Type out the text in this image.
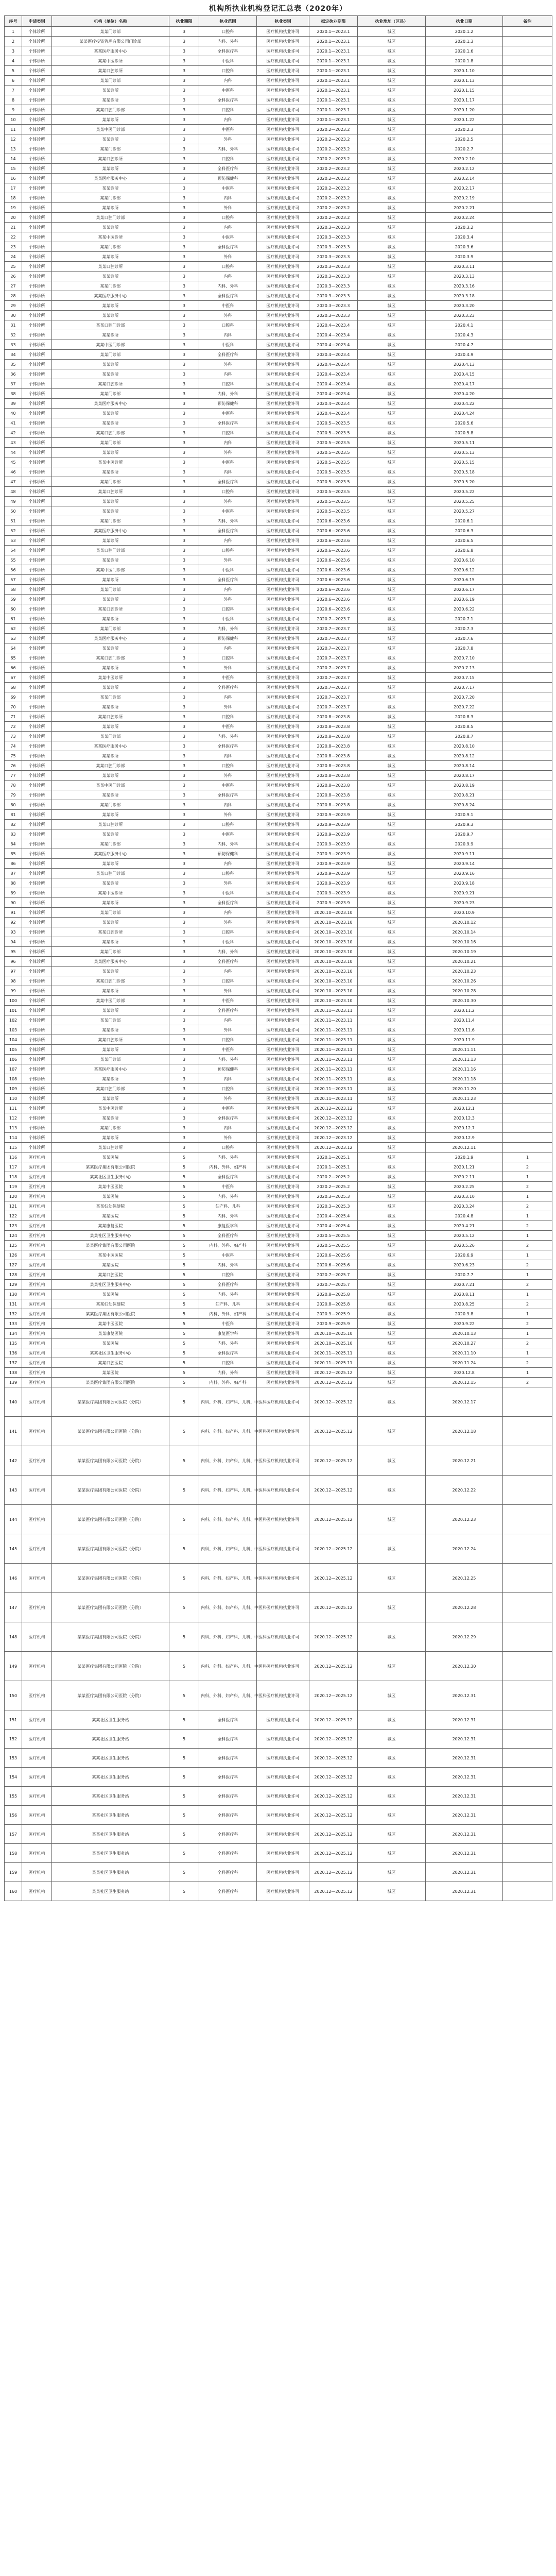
机构所执业机构登记汇总表（2020年）
序号	申请类别	机构（单位）名称	执业期限	执业范围	执业类别	拟定执业期限	执业地址（区县）	执业日期	备注
1	个体诊所	某某门诊部	3	口腔科	医疗机构执业许可	2020.1—2023.1	城区	2020.1.2	
2	个体诊所	某某医疗投资管理有限公司门诊部	3	内科、外科	医疗机构执业许可	2020.1—2023.1	城区	2020.1.3	
3	个体诊所	某某医疗服务中心	3	全科医疗科	医疗机构执业许可	2020.1—2023.1	城区	2020.1.6	
4	个体诊所	某某中医诊所	3	中医科	医疗机构执业许可	2020.1—2023.1	城区	2020.1.8	
5	个体诊所	某某口腔诊所	3	口腔科	医疗机构执业许可	2020.1—2023.1	城区	2020.1.10	
6	个体诊所	某某门诊部	3	内科	医疗机构执业许可	2020.1—2023.1	城区	2020.1.13	
7	个体诊所	某某诊所	3	中医科	医疗机构执业许可	2020.1—2023.1	城区	2020.1.15	
8	个体诊所	某某诊所	3	全科医疗科	医疗机构执业许可	2020.1—2023.1	城区	2020.1.17	
9	个体诊所	某某口腔门诊部	3	口腔科	医疗机构执业许可	2020.1—2023.1	城区	2020.1.20	
10	个体诊所	某某诊所	3	内科	医疗机构执业许可	2020.1—2023.1	城区	2020.1.22	
11	个体诊所	某某中医门诊部	3	中医科	医疗机构执业许可	2020.2—2023.2	城区	2020.2.3	
12	个体诊所	某某诊所	3	外科	医疗机构执业许可	2020.2—2023.2	城区	2020.2.5	
13	个体诊所	某某门诊部	3	内科、外科	医疗机构执业许可	2020.2—2023.2	城区	2020.2.7	
14	个体诊所	某某口腔诊所	3	口腔科	医疗机构执业许可	2020.2—2023.2	城区	2020.2.10	
15	个体诊所	某某诊所	3	全科医疗科	医疗机构执业许可	2020.2—2023.2	城区	2020.2.12	
16	个体诊所	某某医疗服务中心	3	预防保健科	医疗机构执业许可	2020.2—2023.2	城区	2020.2.14	
17	个体诊所	某某诊所	3	中医科	医疗机构执业许可	2020.2—2023.2	城区	2020.2.17	
18	个体诊所	某某门诊部	3	内科	医疗机构执业许可	2020.2—2023.2	城区	2020.2.19	
19	个体诊所	某某诊所	3	外科	医疗机构执业许可	2020.2—2023.2	城区	2020.2.21	
20	个体诊所	某某口腔门诊部	3	口腔科	医疗机构执业许可	2020.2—2023.2	城区	2020.2.24	
21	个体诊所	某某诊所	3	内科	医疗机构执业许可	2020.3—2023.3	城区	2020.3.2	
22	个体诊所	某某中医诊所	3	中医科	医疗机构执业许可	2020.3—2023.3	城区	2020.3.4	
23	个体诊所	某某门诊部	3	全科医疗科	医疗机构执业许可	2020.3—2023.3	城区	2020.3.6	
24	个体诊所	某某诊所	3	外科	医疗机构执业许可	2020.3—2023.3	城区	2020.3.9	
25	个体诊所	某某口腔诊所	3	口腔科	医疗机构执业许可	2020.3—2023.3	城区	2020.3.11	
26	个体诊所	某某诊所	3	内科	医疗机构执业许可	2020.3—2023.3	城区	2020.3.13	
27	个体诊所	某某门诊部	3	内科、外科	医疗机构执业许可	2020.3—2023.3	城区	2020.3.16	
28	个体诊所	某某医疗服务中心	3	全科医疗科	医疗机构执业许可	2020.3—2023.3	城区	2020.3.18	
29	个体诊所	某某诊所	3	中医科	医疗机构执业许可	2020.3—2023.3	城区	2020.3.20	
30	个体诊所	某某诊所	3	外科	医疗机构执业许可	2020.3—2023.3	城区	2020.3.23	
31	个体诊所	某某口腔门诊部	3	口腔科	医疗机构执业许可	2020.4—2023.4	城区	2020.4.1	
32	个体诊所	某某诊所	3	内科	医疗机构执业许可	2020.4—2023.4	城区	2020.4.3	
33	个体诊所	某某中医门诊部	3	中医科	医疗机构执业许可	2020.4—2023.4	城区	2020.4.7	
34	个体诊所	某某门诊部	3	全科医疗科	医疗机构执业许可	2020.4—2023.4	城区	2020.4.9	
35	个体诊所	某某诊所	3	外科	医疗机构执业许可	2020.4—2023.4	城区	2020.4.13	
36	个体诊所	某某诊所	3	内科	医疗机构执业许可	2020.4—2023.4	城区	2020.4.15	
37	个体诊所	某某口腔诊所	3	口腔科	医疗机构执业许可	2020.4—2023.4	城区	2020.4.17	
38	个体诊所	某某门诊部	3	内科、外科	医疗机构执业许可	2020.4—2023.4	城区	2020.4.20	
39	个体诊所	某某医疗服务中心	3	预防保健科	医疗机构执业许可	2020.4—2023.4	城区	2020.4.22	
40	个体诊所	某某诊所	3	中医科	医疗机构执业许可	2020.4—2023.4	城区	2020.4.24	
41	个体诊所	某某诊所	3	全科医疗科	医疗机构执业许可	2020.5—2023.5	城区	2020.5.6	
42	个体诊所	某某口腔门诊部	3	口腔科	医疗机构执业许可	2020.5—2023.5	城区	2020.5.8	
43	个体诊所	某某门诊部	3	内科	医疗机构执业许可	2020.5—2023.5	城区	2020.5.11	
44	个体诊所	某某诊所	3	外科	医疗机构执业许可	2020.5—2023.5	城区	2020.5.13	
45	个体诊所	某某中医诊所	3	中医科	医疗机构执业许可	2020.5—2023.5	城区	2020.5.15	
46	个体诊所	某某诊所	3	内科	医疗机构执业许可	2020.5—2023.5	城区	2020.5.18	
47	个体诊所	某某门诊部	3	全科医疗科	医疗机构执业许可	2020.5—2023.5	城区	2020.5.20	
48	个体诊所	某某口腔诊所	3	口腔科	医疗机构执业许可	2020.5—2023.5	城区	2020.5.22	
49	个体诊所	某某诊所	3	外科	医疗机构执业许可	2020.5—2023.5	城区	2020.5.25	
50	个体诊所	某某诊所	3	中医科	医疗机构执业许可	2020.5—2023.5	城区	2020.5.27	
51	个体诊所	某某门诊部	3	内科、外科	医疗机构执业许可	2020.6—2023.6	城区	2020.6.1	
52	个体诊所	某某医疗服务中心	3	全科医疗科	医疗机构执业许可	2020.6—2023.6	城区	2020.6.3	
53	个体诊所	某某诊所	3	内科	医疗机构执业许可	2020.6—2023.6	城区	2020.6.5	
54	个体诊所	某某口腔门诊部	3	口腔科	医疗机构执业许可	2020.6—2023.6	城区	2020.6.8	
55	个体诊所	某某诊所	3	外科	医疗机构执业许可	2020.6—2023.6	城区	2020.6.10	
56	个体诊所	某某中医门诊部	3	中医科	医疗机构执业许可	2020.6—2023.6	城区	2020.6.12	
57	个体诊所	某某诊所	3	全科医疗科	医疗机构执业许可	2020.6—2023.6	城区	2020.6.15	
58	个体诊所	某某门诊部	3	内科	医疗机构执业许可	2020.6—2023.6	城区	2020.6.17	
59	个体诊所	某某诊所	3	外科	医疗机构执业许可	2020.6—2023.6	城区	2020.6.19	
60	个体诊所	某某口腔诊所	3	口腔科	医疗机构执业许可	2020.6—2023.6	城区	2020.6.22	
61	个体诊所	某某诊所	3	中医科	医疗机构执业许可	2020.7—2023.7	城区	2020.7.1	
62	个体诊所	某某门诊部	3	内科、外科	医疗机构执业许可	2020.7—2023.7	城区	2020.7.3	
63	个体诊所	某某医疗服务中心	3	预防保健科	医疗机构执业许可	2020.7—2023.7	城区	2020.7.6	
64	个体诊所	某某诊所	3	内科	医疗机构执业许可	2020.7—2023.7	城区	2020.7.8	
65	个体诊所	某某口腔门诊部	3	口腔科	医疗机构执业许可	2020.7—2023.7	城区	2020.7.10	
66	个体诊所	某某诊所	3	外科	医疗机构执业许可	2020.7—2023.7	城区	2020.7.13	
67	个体诊所	某某中医诊所	3	中医科	医疗机构执业许可	2020.7—2023.7	城区	2020.7.15	
68	个体诊所	某某诊所	3	全科医疗科	医疗机构执业许可	2020.7—2023.7	城区	2020.7.17	
69	个体诊所	某某门诊部	3	内科	医疗机构执业许可	2020.7—2023.7	城区	2020.7.20	
70	个体诊所	某某诊所	3	外科	医疗机构执业许可	2020.7—2023.7	城区	2020.7.22	
71	个体诊所	某某口腔诊所	3	口腔科	医疗机构执业许可	2020.8—2023.8	城区	2020.8.3	
72	个体诊所	某某诊所	3	中医科	医疗机构执业许可	2020.8—2023.8	城区	2020.8.5	
73	个体诊所	某某门诊部	3	内科、外科	医疗机构执业许可	2020.8—2023.8	城区	2020.8.7	
74	个体诊所	某某医疗服务中心	3	全科医疗科	医疗机构执业许可	2020.8—2023.8	城区	2020.8.10	
75	个体诊所	某某诊所	3	内科	医疗机构执业许可	2020.8—2023.8	城区	2020.8.12	
76	个体诊所	某某口腔门诊部	3	口腔科	医疗机构执业许可	2020.8—2023.8	城区	2020.8.14	
77	个体诊所	某某诊所	3	外科	医疗机构执业许可	2020.8—2023.8	城区	2020.8.17	
78	个体诊所	某某中医门诊部	3	中医科	医疗机构执业许可	2020.8—2023.8	城区	2020.8.19	
79	个体诊所	某某诊所	3	全科医疗科	医疗机构执业许可	2020.8—2023.8	城区	2020.8.21	
80	个体诊所	某某门诊部	3	内科	医疗机构执业许可	2020.8—2023.8	城区	2020.8.24	
81	个体诊所	某某诊所	3	外科	医疗机构执业许可	2020.9—2023.9	城区	2020.9.1	
82	个体诊所	某某口腔诊所	3	口腔科	医疗机构执业许可	2020.9—2023.9	城区	2020.9.3	
83	个体诊所	某某诊所	3	中医科	医疗机构执业许可	2020.9—2023.9	城区	2020.9.7	
84	个体诊所	某某门诊部	3	内科、外科	医疗机构执业许可	2020.9—2023.9	城区	2020.9.9	
85	个体诊所	某某医疗服务中心	3	预防保健科	医疗机构执业许可	2020.9—2023.9	城区	2020.9.11	
86	个体诊所	某某诊所	3	内科	医疗机构执业许可	2020.9—2023.9	城区	2020.9.14	
87	个体诊所	某某口腔门诊部	3	口腔科	医疗机构执业许可	2020.9—2023.9	城区	2020.9.16	
88	个体诊所	某某诊所	3	外科	医疗机构执业许可	2020.9—2023.9	城区	2020.9.18	
89	个体诊所	某某中医诊所	3	中医科	医疗机构执业许可	2020.9—2023.9	城区	2020.9.21	
90	个体诊所	某某诊所	3	全科医疗科	医疗机构执业许可	2020.9—2023.9	城区	2020.9.23	
91	个体诊所	某某门诊部	3	内科	医疗机构执业许可	2020.10—2023.10	城区	2020.10.9	
92	个体诊所	某某诊所	3	外科	医疗机构执业许可	2020.10—2023.10	城区	2020.10.12	
93	个体诊所	某某口腔诊所	3	口腔科	医疗机构执业许可	2020.10—2023.10	城区	2020.10.14	
94	个体诊所	某某诊所	3	中医科	医疗机构执业许可	2020.10—2023.10	城区	2020.10.16	
95	个体诊所	某某门诊部	3	内科、外科	医疗机构执业许可	2020.10—2023.10	城区	2020.10.19	
96	个体诊所	某某医疗服务中心	3	全科医疗科	医疗机构执业许可	2020.10—2023.10	城区	2020.10.21	
97	个体诊所	某某诊所	3	内科	医疗机构执业许可	2020.10—2023.10	城区	2020.10.23	
98	个体诊所	某某口腔门诊部	3	口腔科	医疗机构执业许可	2020.10—2023.10	城区	2020.10.26	
99	个体诊所	某某诊所	3	外科	医疗机构执业许可	2020.10—2023.10	城区	2020.10.28	
100	个体诊所	某某中医门诊部	3	中医科	医疗机构执业许可	2020.10—2023.10	城区	2020.10.30	
101	个体诊所	某某诊所	3	全科医疗科	医疗机构执业许可	2020.11—2023.11	城区	2020.11.2	
102	个体诊所	某某门诊部	3	内科	医疗机构执业许可	2020.11—2023.11	城区	2020.11.4	
103	个体诊所	某某诊所	3	外科	医疗机构执业许可	2020.11—2023.11	城区	2020.11.6	
104	个体诊所	某某口腔诊所	3	口腔科	医疗机构执业许可	2020.11—2023.11	城区	2020.11.9	
105	个体诊所	某某诊所	3	中医科	医疗机构执业许可	2020.11—2023.11	城区	2020.11.11	
106	个体诊所	某某门诊部	3	内科、外科	医疗机构执业许可	2020.11—2023.11	城区	2020.11.13	
107	个体诊所	某某医疗服务中心	3	预防保健科	医疗机构执业许可	2020.11—2023.11	城区	2020.11.16	
108	个体诊所	某某诊所	3	内科	医疗机构执业许可	2020.11—2023.11	城区	2020.11.18	
109	个体诊所	某某口腔门诊部	3	口腔科	医疗机构执业许可	2020.11—2023.11	城区	2020.11.20	
110	个体诊所	某某诊所	3	外科	医疗机构执业许可	2020.11—2023.11	城区	2020.11.23	
111	个体诊所	某某中医诊所	3	中医科	医疗机构执业许可	2020.12—2023.12	城区	2020.12.1	
112	个体诊所	某某诊所	3	全科医疗科	医疗机构执业许可	2020.12—2023.12	城区	2020.12.3	
113	个体诊所	某某门诊部	3	内科	医疗机构执业许可	2020.12—2023.12	城区	2020.12.7	
114	个体诊所	某某诊所	3	外科	医疗机构执业许可	2020.12—2023.12	城区	2020.12.9	
115	个体诊所	某某口腔诊所	3	口腔科	医疗机构执业许可	2020.12—2023.12	城区	2020.12.11	
116	医疗机构	某某医院	5	内科、外科	医疗机构执业许可	2020.1—2025.1	城区	2020.1.9	1
117	医疗机构	某某医疗集团有限公司医院	5	内科、外科、妇产科	医疗机构执业许可	2020.1—2025.1	城区	2020.1.21	2
118	医疗机构	某某社区卫生服务中心	5	全科医疗科	医疗机构执业许可	2020.2—2025.2	城区	2020.2.11	1
119	医疗机构	某某中医医院	5	中医科	医疗机构执业许可	2020.2—2025.2	城区	2020.2.25	2
120	医疗机构	某某医院	5	内科、外科	医疗机构执业许可	2020.3—2025.3	城区	2020.3.10	1
121	医疗机构	某某妇幼保健院	5	妇产科、儿科	医疗机构执业许可	2020.3—2025.3	城区	2020.3.24	2
122	医疗机构	某某医院	5	内科、外科	医疗机构执业许可	2020.4—2025.4	城区	2020.4.8	1
123	医疗机构	某某康复医院	5	康复医学科	医疗机构执业许可	2020.4—2025.4	城区	2020.4.21	2
124	医疗机构	某某社区卫生服务中心	5	全科医疗科	医疗机构执业许可	2020.5—2025.5	城区	2020.5.12	1
125	医疗机构	某某医疗集团有限公司医院	5	内科、外科、妇产科	医疗机构执业许可	2020.5—2025.5	城区	2020.5.26	2
126	医疗机构	某某中医医院	5	中医科	医疗机构执业许可	2020.6—2025.6	城区	2020.6.9	1
127	医疗机构	某某医院	5	内科、外科	医疗机构执业许可	2020.6—2025.6	城区	2020.6.23	2
128	医疗机构	某某口腔医院	5	口腔科	医疗机构执业许可	2020.7—2025.7	城区	2020.7.7	1
129	医疗机构	某某社区卫生服务中心	5	全科医疗科	医疗机构执业许可	2020.7—2025.7	城区	2020.7.21	2
130	医疗机构	某某医院	5	内科、外科	医疗机构执业许可	2020.8—2025.8	城区	2020.8.11	1
131	医疗机构	某某妇幼保健院	5	妇产科、儿科	医疗机构执业许可	2020.8—2025.8	城区	2020.8.25	2
132	医疗机构	某某医疗集团有限公司医院	5	内科、外科、妇产科	医疗机构执业许可	2020.9—2025.9	城区	2020.9.8	1
133	医疗机构	某某中医医院	5	中医科	医疗机构执业许可	2020.9—2025.9	城区	2020.9.22	2
134	医疗机构	某某康复医院	5	康复医学科	医疗机构执业许可	2020.10—2025.10	城区	2020.10.13	1
135	医疗机构	某某医院	5	内科、外科	医疗机构执业许可	2020.10—2025.10	城区	2020.10.27	2
136	医疗机构	某某社区卫生服务中心	5	全科医疗科	医疗机构执业许可	2020.11—2025.11	城区	2020.11.10	1
137	医疗机构	某某口腔医院	5	口腔科	医疗机构执业许可	2020.11—2025.11	城区	2020.11.24	2
138	医疗机构	某某医院	5	内科、外科	医疗机构执业许可	2020.12—2025.12	城区	2020.12.8	1
139	医疗机构	某某医疗集团有限公司医院	5	内科、外科、妇产科	医疗机构执业许可	2020.12—2025.12	城区	2020.12.15	2
140	医疗机构	某某医疗集团有限公司医院（分院）	5	内科、外科、妇产科、儿科、中医科	医疗机构执业许可	2020.12—2025.12	城区	2020.12.17	
141	医疗机构	某某医疗集团有限公司医院（分院）	5	内科、外科、妇产科、儿科、中医科	医疗机构执业许可	2020.12—2025.12	城区	2020.12.18	
142	医疗机构	某某医疗集团有限公司医院（分院）	5	内科、外科、妇产科、儿科、中医科	医疗机构执业许可	2020.12—2025.12	城区	2020.12.21	
143	医疗机构	某某医疗集团有限公司医院（分院）	5	内科、外科、妇产科、儿科、中医科	医疗机构执业许可	2020.12—2025.12	城区	2020.12.22	
144	医疗机构	某某医疗集团有限公司医院（分院）	5	内科、外科、妇产科、儿科、中医科	医疗机构执业许可	2020.12—2025.12	城区	2020.12.23	
145	医疗机构	某某医疗集团有限公司医院（分院）	5	内科、外科、妇产科、儿科、中医科	医疗机构执业许可	2020.12—2025.12	城区	2020.12.24	
146	医疗机构	某某医疗集团有限公司医院（分院）	5	内科、外科、妇产科、儿科、中医科	医疗机构执业许可	2020.12—2025.12	城区	2020.12.25	
147	医疗机构	某某医疗集团有限公司医院（分院）	5	内科、外科、妇产科、儿科、中医科	医疗机构执业许可	2020.12—2025.12	城区	2020.12.28	
148	医疗机构	某某医疗集团有限公司医院（分院）	5	内科、外科、妇产科、儿科、中医科	医疗机构执业许可	2020.12—2025.12	城区	2020.12.29	
149	医疗机构	某某医疗集团有限公司医院（分院）	5	内科、外科、妇产科、儿科、中医科	医疗机构执业许可	2020.12—2025.12	城区	2020.12.30	
150	医疗机构	某某医疗集团有限公司医院（分院）	5	内科、外科、妇产科、儿科、中医科	医疗机构执业许可	2020.12—2025.12	城区	2020.12.31	
151	医疗机构	某某社区卫生服务站	5	全科医疗科	医疗机构执业许可	2020.12—2025.12	城区	2020.12.31	
152	医疗机构	某某社区卫生服务站	5	全科医疗科	医疗机构执业许可	2020.12—2025.12	城区	2020.12.31	
153	医疗机构	某某社区卫生服务站	5	全科医疗科	医疗机构执业许可	2020.12—2025.12	城区	2020.12.31	
154	医疗机构	某某社区卫生服务站	5	全科医疗科	医疗机构执业许可	2020.12—2025.12	城区	2020.12.31	
155	医疗机构	某某社区卫生服务站	5	全科医疗科	医疗机构执业许可	2020.12—2025.12	城区	2020.12.31	
156	医疗机构	某某社区卫生服务站	5	全科医疗科	医疗机构执业许可	2020.12—2025.12	城区	2020.12.31	
157	医疗机构	某某社区卫生服务站	5	全科医疗科	医疗机构执业许可	2020.12—2025.12	城区	2020.12.31	
158	医疗机构	某某社区卫生服务站	5	全科医疗科	医疗机构执业许可	2020.12—2025.12	城区	2020.12.31	
159	医疗机构	某某社区卫生服务站	5	全科医疗科	医疗机构执业许可	2020.12—2025.12	城区	2020.12.31	
160	医疗机构	某某社区卫生服务站	5	全科医疗科	医疗机构执业许可	2020.12—2025.12	城区	2020.12.31	
